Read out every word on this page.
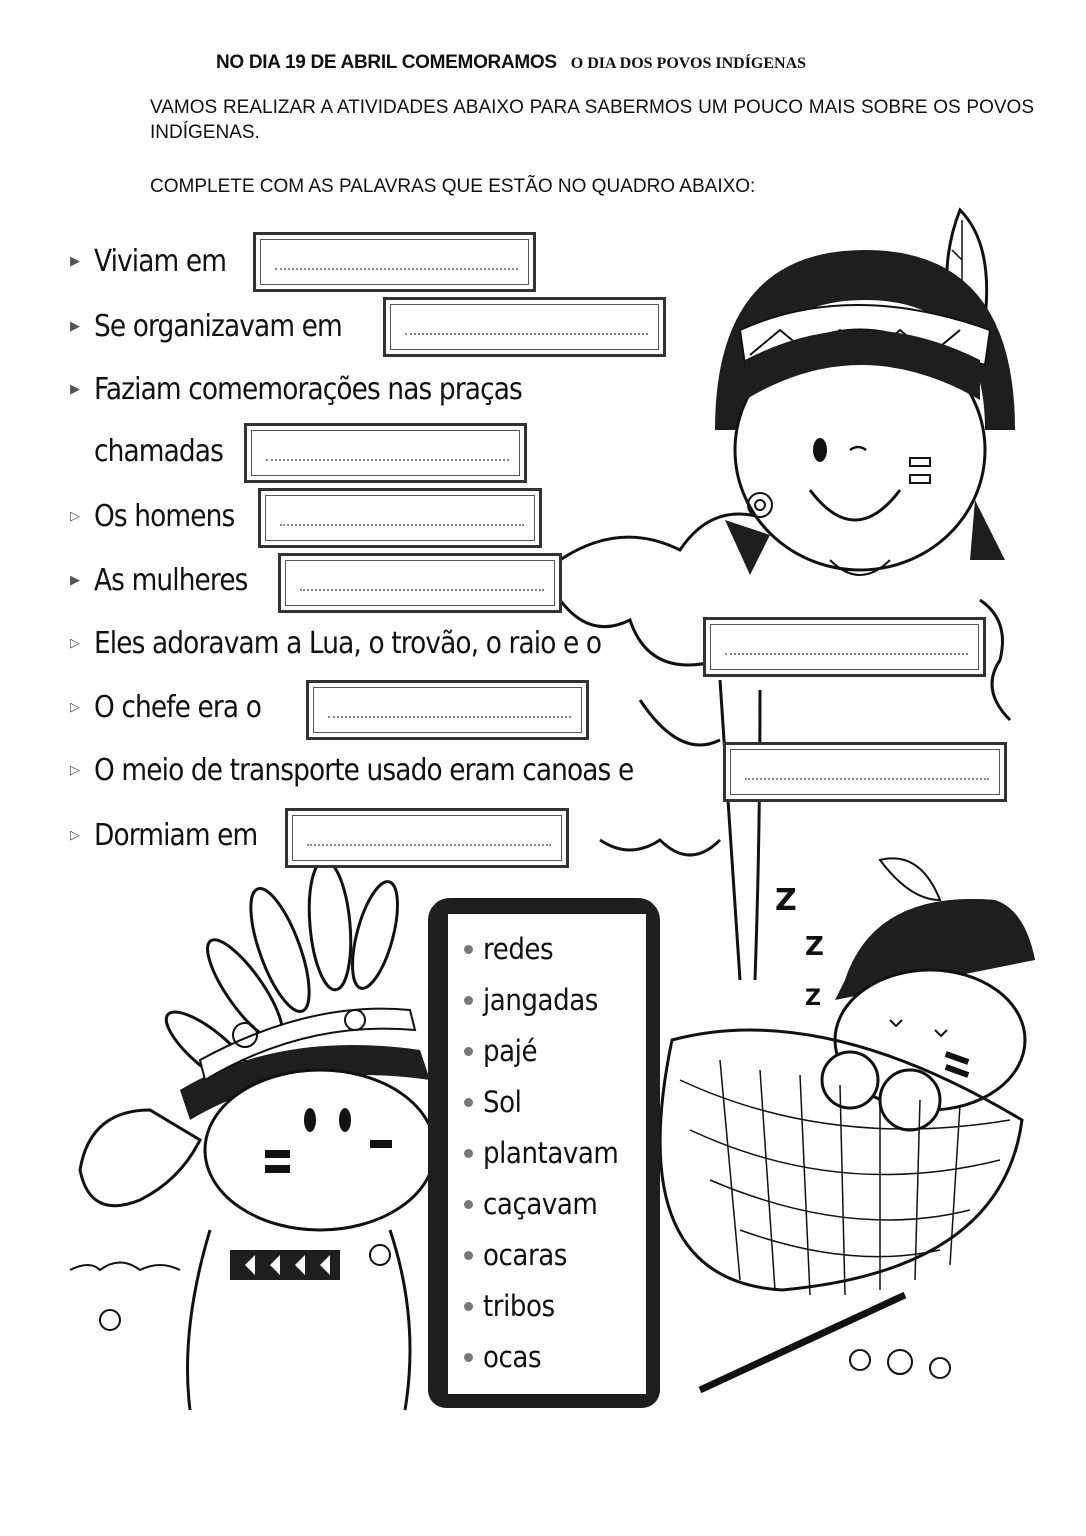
NO DIA 19 DE ABRIL COMEMORAMOS O DIA DOS POVOS INDÍGENAS
VAMOS REALIZAR A ATIVIDADES ABAIXO PARA SABERMOS UM POUCO MAIS SOBRE OS POVOS INDÍGENAS.
COMPLETE COM AS PALAVRAS QUE ESTÃO NO QUADRO ABAIXO:
Z
Z
Z
▶ Viviam em
▶ Se organizavam em
▶ Faziam comemorações nas praças
chamadas
▷ Os homens
▶ As mulheres
▷ Eles adoravam a Lua, o trovão, o raio e o
▷ O chefe era o
▷ O meio de transporte usado eram canoas e
▷ Dormiam em
redes
jangadas
pajé
Sol
plantavam
caçavam
ocaras
tribos
ocas
